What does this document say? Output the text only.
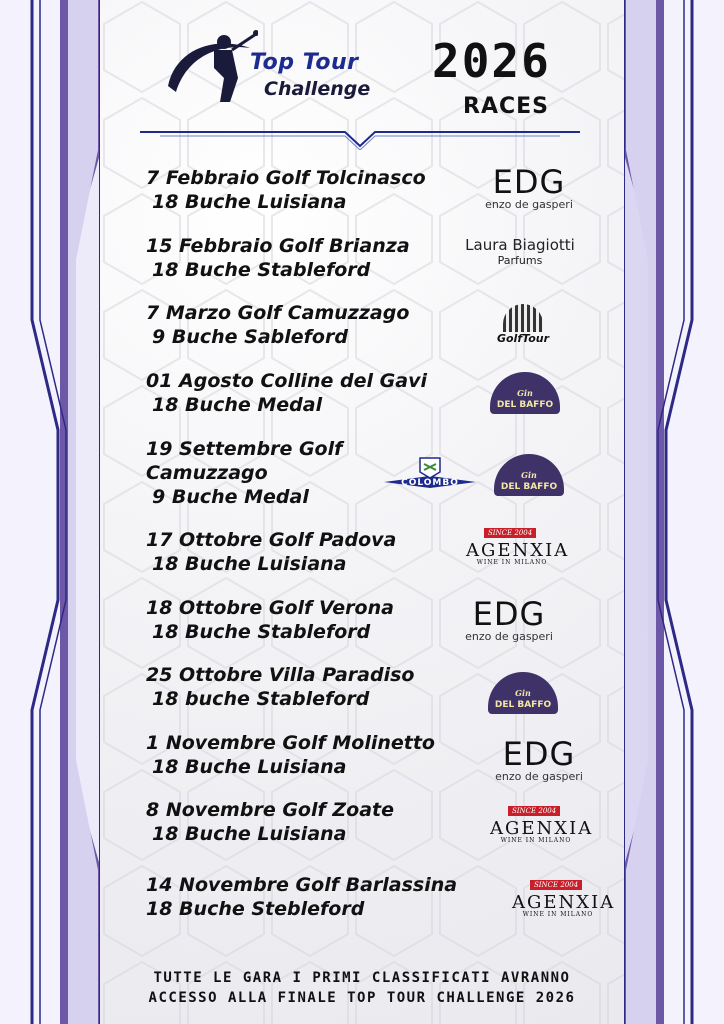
Top Tour
Challenge
2026
RACES
7 Febbraio Golf Tolcinasco
18 Buche Luisiana
15 Febbraio Golf Brianza
18 Buche Stableford
7 Marzo Golf Camuzzago
9 Buche Sableford
01 Agosto Colline del Gavi
18 Buche Medal
19 Settembre Golf
Camuzzago
9 Buche Medal
17 Ottobre Golf Padova
18 Buche Luisiana
18 Ottobre Golf Verona
18 Buche Stableford
25 Ottobre Villa Paradiso
18 buche Stableford
1 Novembre Golf Molinetto
18 Buche Luisiana
8 Novembre Golf Zoate
18 Buche Luisiana
14 Novembre Golf Barlassina
18 Buche Stebleford
EDG
enzo de gasperi
Laura Biagiotti
Parfums
GolfTour
Gin
DEL BAFFO
COLOMBO
Gin
DEL BAFFO
SINCE 2004
AGENXIA
WINE IN MILANO
EDG
enzo de gasperi
Gin
DEL BAFFO
EDG
enzo de gasperi
SINCE 2004
AGENXIA
WINE IN MILANO
SINCE 2004
AGENXIA
WINE IN MILANO
TUTTE LE GARA I PRIMI CLASSIFICATI AVRANNO
ACCESSO ALLA FINALE TOP TOUR CHALLENGE 2026
